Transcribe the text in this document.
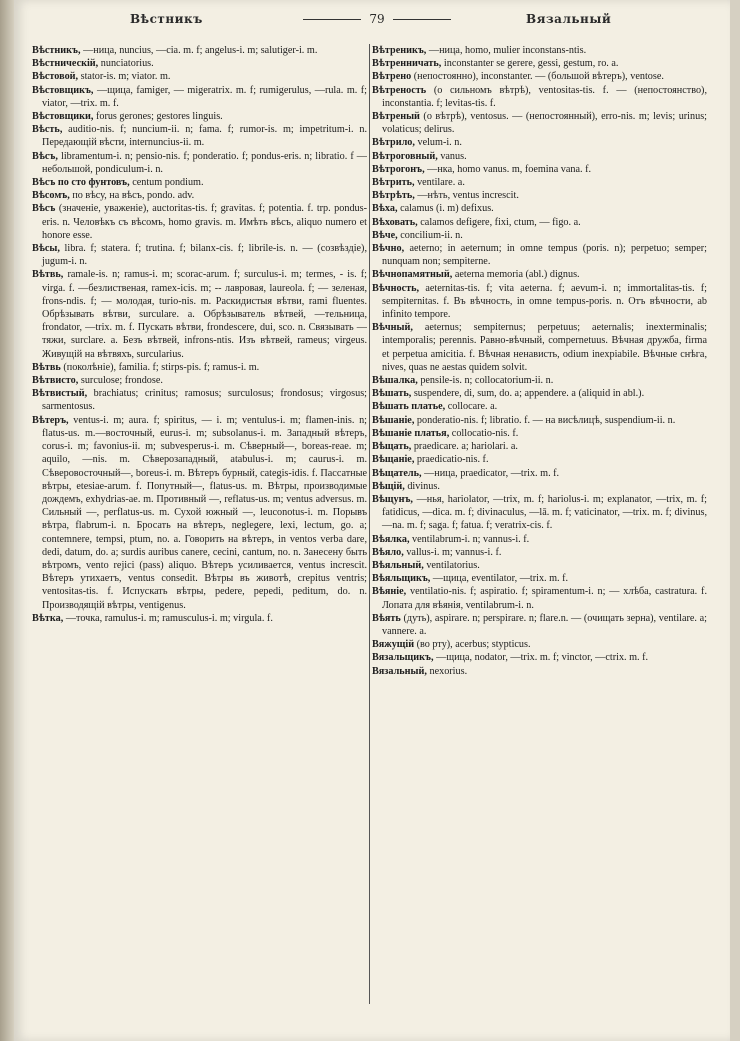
Вѣстникъ	79	Вязальный

Вѣстникъ, —ница, nuncius, —cia. m. f; angelus-i. m; salutiger-i. m.

Вѣстническій, nunciatorius.

Вѣстовой, stator-is. m; viator. m.

Вѣстовщикъ, —щица, famiger, — migeratrix. m. f; rumigerulus, —rula. m. f; viator, —trix. m. f.

Вѣстовщики, forus gerones; gestores linguis.

Вѣсть, auditio-nis. f; nuncium-ii. n; fama. f; rumor-is. m; impetritum-i. n. Передающій вѣсти, internuncius-ii. m.

Вѣсъ, libramentum-i. n; pensio-nis. f; ponderatio. f; pondus-eris. n; libratio. f — небольшой, pondiculum-i. n.

Вѣсъ по сто фунтовъ, centum pondium.

Вѣсомъ, по вѣсу, на вѣсъ, pondo. adv.

Вѣсъ (значеніе, уваженіе), auctoritas-tis. f; gravitas. f; potentia. f. trp. pondus-eris. n. Человѣкъ съ вѣсомъ, homo gravis. m. Имѣть вѣсъ, aliquo numero et honore esse.

Вѣсы, libra. f; statera. f; trutina. f; bilanx-cis. f; librile-is. n. — (созвѣздіе), jugum-i. n.

Вѣтвь, ramale-is. n; ramus-i. m; scorac-arum. f; surculus-i. m; termes, - is. f; virga. f. —безлиственая, ramex-icis. m; -- лавровая, laureola. f; — зеленая, frons-ndis. f; — молодая, turio-nis. m. Раскидистыя вѣтви, rami fluentes. Обрѣзывать вѣтви, surculare. a. Обрѣзыватель вѣтвей, —тельница, frondator, —trix. m. f. Пускать вѣтви, frondescere, dui, sco. n. Связывать — тяжи, surclare. a. Безъ вѣтвей, infrons-ntis. Изъ вѣтвей, rameus; virgeus. Живущій на вѣтвяхъ, surcularius.

Вѣтвь (поколѣніе), familia. f; stirps-pis. f; ramus-i. m.

Вѣтвисто, surculose; frondose.

Вѣтвистый, brachiatus; crinitus; ramosus; surculosus; frondosus; virgosus; sarmentosus.

Вѣтеръ, ventus-i. m; aura. f; spiritus, — i. m; ventulus-i. m; flamen-inis. n; flatus-us. m.—восточный, eurus-i. m; subsolanus-i. m. Западный вѣтеръ, corus-i. m; favonius-ii. m; subvesperus-i. m. Сѣверный—, boreas-reae. m; aquilo, —nis. m. Сѣверозападный, atabulus-i. m; caurus-i. m. Сѣверовосточный—, boreus-i. m. Вѣтеръ бурный, categis-idis. f. Пассатные вѣтры, etesiae-arum. f. Попутный—, flatus-us. m. Вѣтры, производимые дождемъ, exhydrias-ae. m. Противный —, reflatus-us. m; ventus adversus. m. Сильный —, perflatus-us. m. Сухой южный —, leuconotus-i. m. Порывъ вѣтра, flabrum-i. n. Бросать на вѣтеръ, neglegere, lexi, lectum, go. a; contemnere, tempsi, ptum, no. a. Говорить на вѣтеръ, in ventos verba dare, dedi, datum, do. a; surdis auribus canere, cecini, cantum, no. n. Занесену быть вѣтромъ, vento rejici (pass) aliquo. Вѣтеръ усиливается, ventus increscit. Вѣтеръ утихаетъ, ventus consedit. Вѣтры въ животѣ, crepitus ventris; ventositas-tis. f. Испускать вѣтры, pedere, pepedi, peditum, do. n. Производящій вѣтры, ventigenus.

Вѣтка, —точка, ramulus-i. m; ramusculus-i. m; virgula. f.

Вѣтреникъ, —ница, homo, mulier inconstans-ntis.

Вѣтренничать, inconstanter se gerere, gessi, gestum, ro. a.

Вѣтрено (непостоянно), inconstanter. — (большой вѣтеръ), ventose.

Вѣтреность (о сильномъ вѣтрѣ), ventositas-tis. f. — (непостоянство), inconstantia. f; levitas-tis. f.

Вѣтреный (о вѣтрѣ), ventosus. — (непостоянный), erro-nis. m; levis; urinus; volaticus; delirus.

Вѣтрило, velum-i. n.

Вѣтроговный, vanus.

Вѣтрогонъ, —нка, homo vanus. m, foemina vana. f.

Вѣтрить, ventilare. a.

Вѣтрѣть, —нѣть, ventus increscit.

Вѣха, calamus (i. m) defixus.

Вѣховать, calamos defigere, fixi, ctum, — figo. a.

Вѣче, concilium-ii. n.

Вѣчно, aeterno; in aeternum; in omne tempus (poris. n); perpetuo; semper; nunquam non; sempiterne.

Вѣчнопамятный, aeterna memoria (abl.) dignus.

Вѣчность, aeternitas-tis. f; vita aeterna. f; aevum-i. n; immortalitas-tis. f; sempiternitas. f. Въ вѣчность, in omne tempus-poris. n. Отъ вѣчности, ab infinito tempore.

Вѣчный, aeternus; sempiternus; perpetuus; aeternalis; inexterminalis; intemporalis; perennis. Равно-вѣчный, compernetuus. Вѣчная дружба, firma et perpetua amicitia. f. Вѣчная ненависть, odium inexpiabile. Вѣчные снѣга, nives, quas ne aestas quidem solvit.

Вѣшалка, pensile-is. n; collocatorium-ii. n.

Вѣшать, suspendere, di, sum, do. a; appendere. a (aliquid in abl.).

Вѣшать платье, collocare. a.

Вѣшаніе, ponderatio-nis. f; libratio. f. — на висѣлицѣ, suspendium-ii. n.

Вѣшаніе платья, collocatio-nis. f.

Вѣщать, praedicare. a; hariolari. a.

Вѣщаніе, praedicatio-nis. f.

Вѣщатель, —ница, praedicator, —trix. m. f.

Вѣщій, divinus.

Вѣщунъ, —нья, hariolator, —trix, m. f; hariolus-i. m; explanator, —trix, m. f; fatidicus, —dica. m. f; divinaculus, —lā. m. f; vaticinator, —trix. m. f; divinus, —na. m. f; saga. f; fatua. f; veratrix-cis. f.

Вѣялка, ventilabrum-i. n; vannus-i. f.

Вѣяло, vallus-i. m; vannus-i. f.

Вѣяльный, ventilatorius.

Вѣяльщикъ, —щица, eventilator, —trix. m. f.

Вѣяніе, ventilatio-nis. f; aspiratio. f; spiramentum-i. n; — хлѣба, castratura. f. Лопата для вѣянія, ventilabrum-i. n.

Вѣять (дуть), aspirare. n; perspirare. n; flare.n. — (очищать зерна), ventilare. a; vannere. a.

Вяжущій (во рту), acerbus; stypticus.

Вязальщикъ, —щица, nodator, —trix. m. f; vinctor, —ctrix. m. f.

Вязальный, nexorius.
